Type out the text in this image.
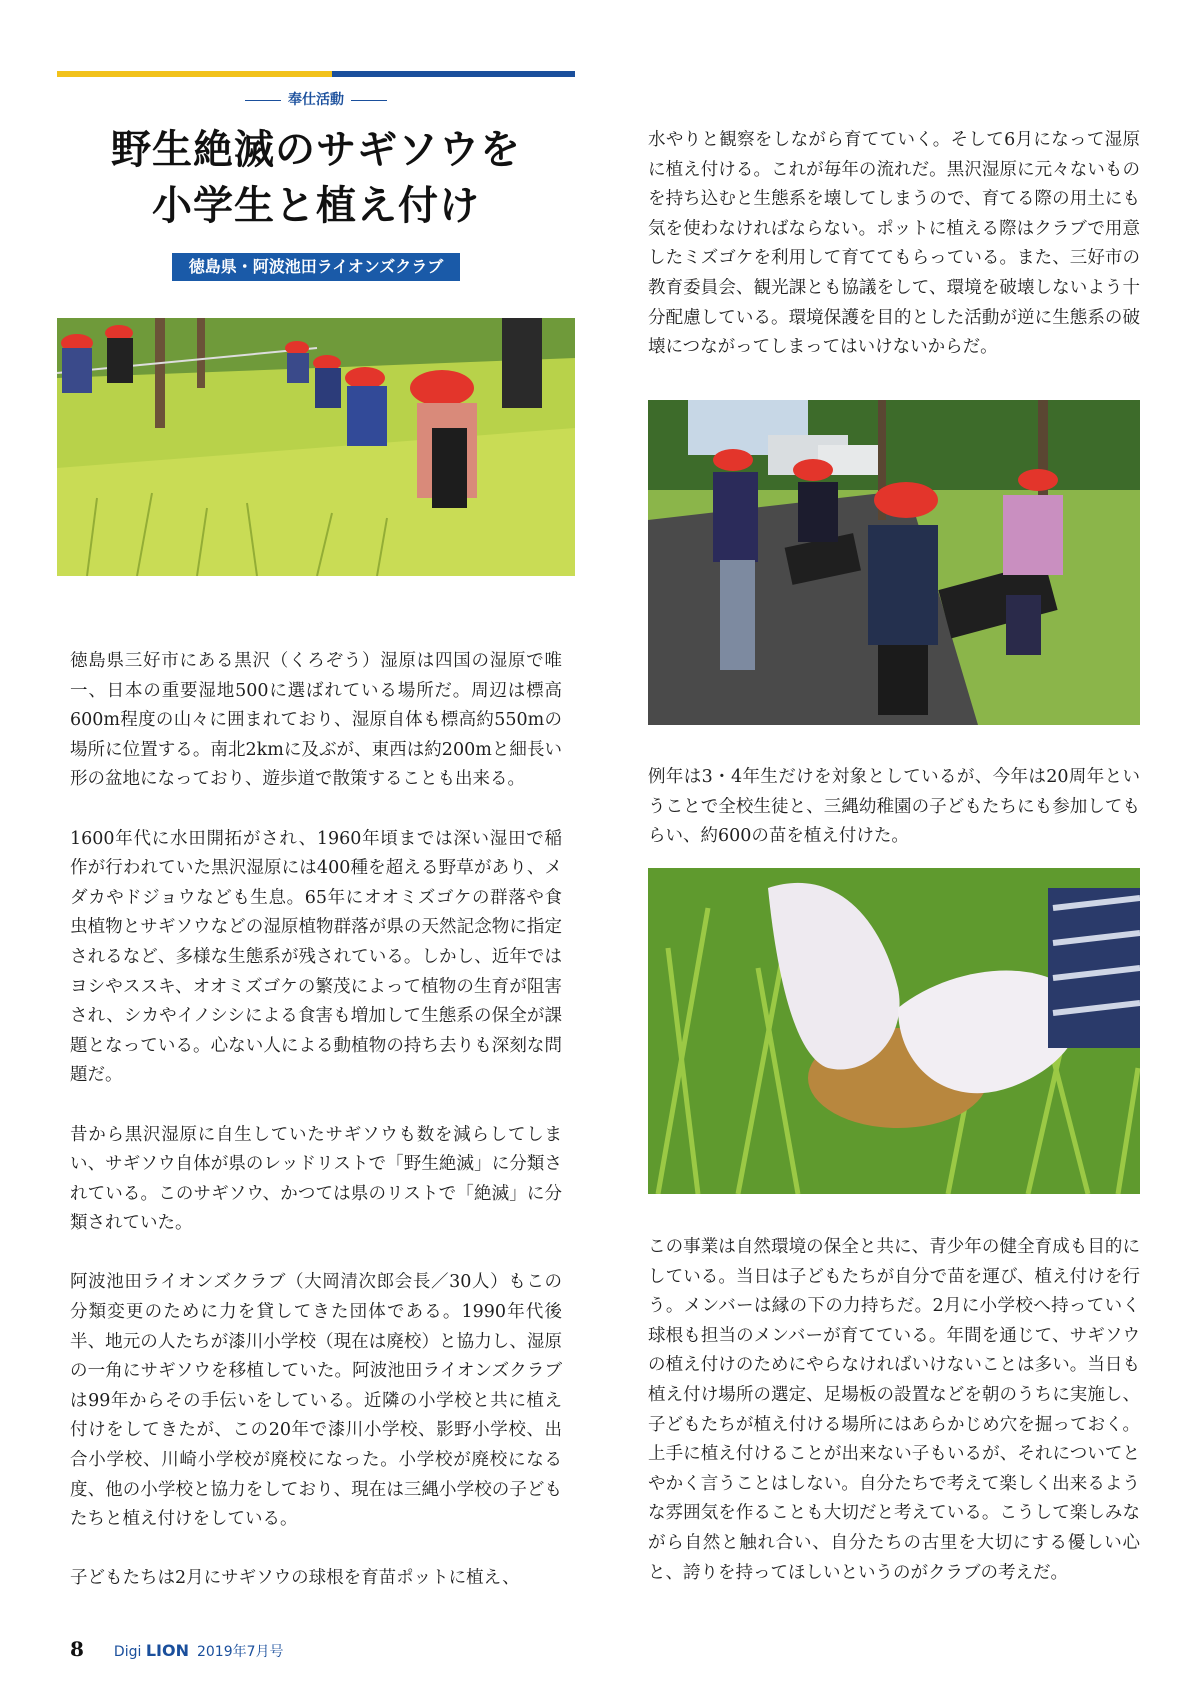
奉仕活動
野生絶滅のサギソウを
小学生と植え付け
徳島県・阿波池田ライオンズクラブ

徳島県三好市にある黒沢（くろぞう）湿原は四国の湿原で唯一、日本の重要湿地500に選ばれている場所だ。周辺は標高600m程度の山々に囲まれており、湿原自体も標高約550mの場所に位置する。南北2kmに及ぶが、東西は約200mと細長い形の盆地になっており、遊歩道で散策することも出来る。

1600年代に水田開拓がされ、1960年頃までは深い湿田で稲作が行われていた黒沢湿原には400種を超える野草があり、メダカやドジョウなども生息。65年にオオミズゴケの群落や食虫植物とサギソウなどの湿原植物群落が県の天然記念物に指定されるなど、多様な生態系が残されている。しかし、近年ではヨシやススキ、オオミズゴケの繁茂によって植物の生育が阻害され、シカやイノシシによる食害も増加して生態系の保全が課題となっている。心ない人による動植物の持ち去りも深刻な問題だ。

昔から黒沢湿原に自生していたサギソウも数を減らしてしまい、サギソウ自体が県のレッドリストで「野生絶滅」に分類されている。このサギソウ、かつては県のリストで「絶滅」に分類されていた。

阿波池田ライオンズクラブ（大岡清次郎会長／30人）もこの分類変更のために力を貸してきた団体である。1990年代後半、地元の人たちが漆川小学校（現在は廃校）と協力し、湿原の一角にサギソウを移植していた。阿波池田ライオンズクラブは99年からその手伝いをしている。近隣の小学校と共に植え付けをしてきたが、この20年で漆川小学校、影野小学校、出合小学校、川崎小学校が廃校になった。小学校が廃校になる度、他の小学校と協力をしており、現在は三縄小学校の子どもたちと植え付けをしている。

子どもたちは2月にサギソウの球根を育苗ポットに植え、

水やりと観察をしながら育てていく。そして6月になって湿原に植え付ける。これが毎年の流れだ。黒沢湿原に元々ないものを持ち込むと生態系を壊してしまうので、育てる際の用土にも気を使わなければならない。ポットに植える際はクラブで用意したミズゴケを利用して育ててもらっている。また、三好市の教育委員会、観光課とも協議をして、環境を破壊しないよう十分配慮している。環境保護を目的とした活動が逆に生態系の破壊につながってしまってはいけないからだ。

例年は3・4年生だけを対象としているが、今年は20周年ということで全校生徒と、三縄幼稚園の子どもたちにも参加してもらい、約600の苗を植え付けた。

この事業は自然環境の保全と共に、青少年の健全育成も目的にしている。当日は子どもたちが自分で苗を運び、植え付けを行う。メンバーは縁の下の力持ちだ。2月に小学校へ持っていく球根も担当のメンバーが育てている。年間を通じて、サギソウの植え付けのためにやらなければいけないことは多い。当日も植え付け場所の選定、足場板の設置などを朝のうちに実施し、子どもたちが植え付ける場所にはあらかじめ穴を掘っておく。上手に植え付けることが出来ない子もいるが、それについてとやかく言うことはしない。自分たちで考えて楽しく出来るような雰囲気を作ることも大切だと考えている。こうして楽しみながら自然と触れ合い、自分たちの古里を大切にする優しい心と、誇りを持ってほしいというのがクラブの考えだ。

8 Digi LION 2019年7月号
